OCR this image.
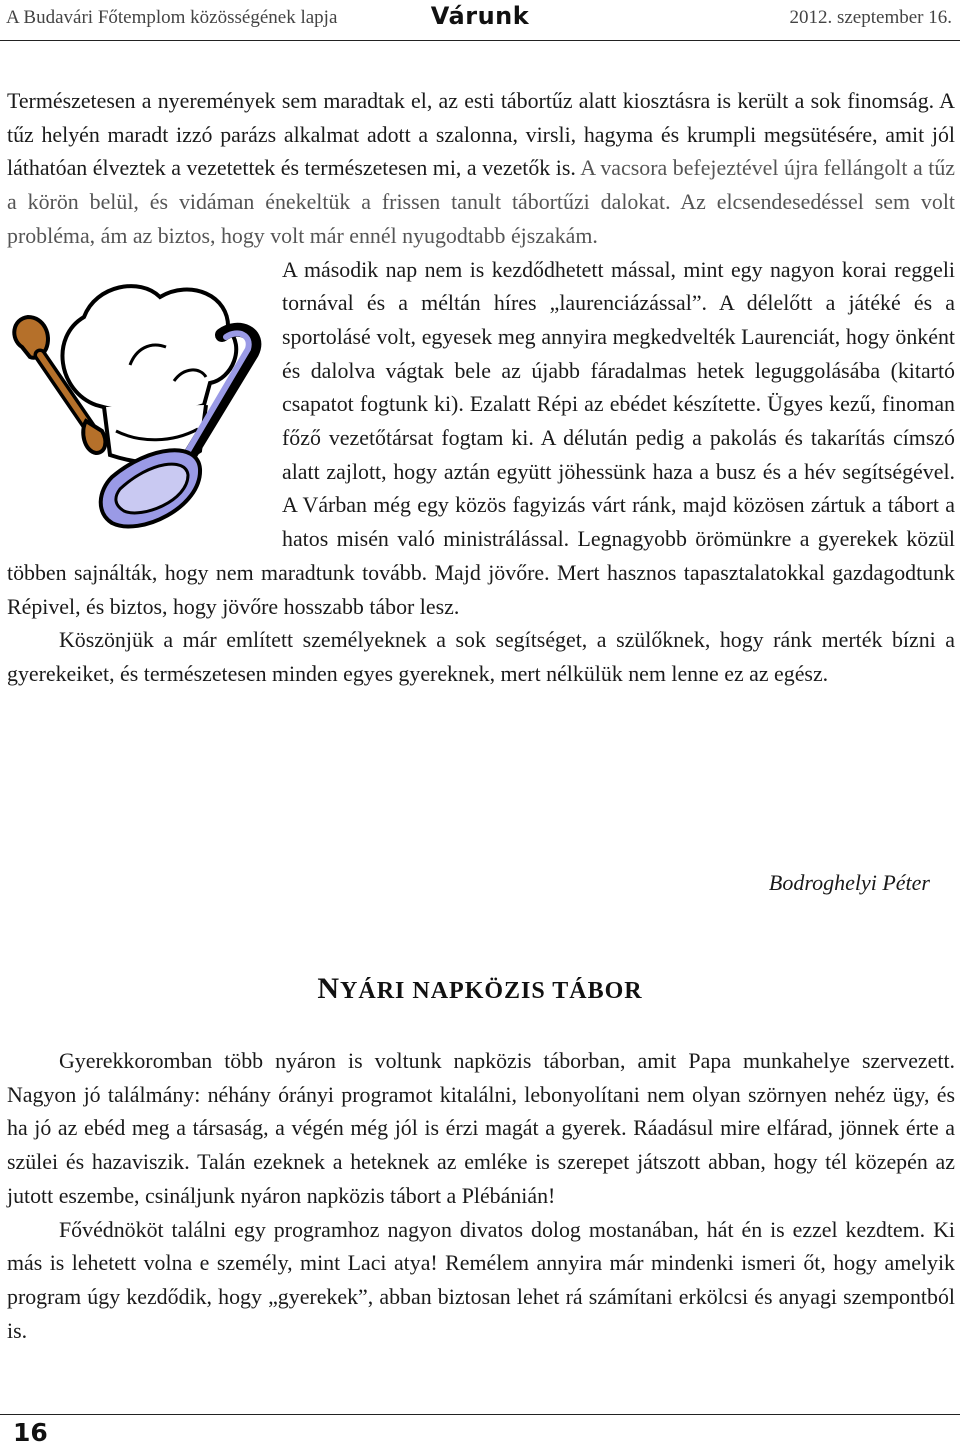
A Budavári Főtemplom közösségének lapja	Várunk	2012. szeptember 16.

Természetesen a nyeremények sem maradtak el, az esti tábortűz alatt kiosztásra is került a sok finomság. A tűz helyén maradt izzó parázs alkalmat adott a szalonna, virsli, hagyma és krumpli megsütésére, amit jól láthatóan élveztek a vezetettek és természetesen mi, a vezetők is. A vacsora befejeztével újra fellángolt a tűz a körön belül, és vidáman énekeltük a frissen tanult tábortűzi dalokat. Az elcsendesedéssel sem volt probléma, ám az biztos, hogy volt már ennél nyugodtabb éjszakám.

A második nap nem is kezdődhetett mással, mint egy nagyon korai reggeli tornával és a méltán híres „laurenciázással”. A délelőtt a játéké és a sportolásé volt, egyesek meg annyira megkedvelték Laurenciát, hogy önként és dalolva vágtak bele az újabb fáradalmas hetek leguggolásába (kitartó csapatot fogtunk ki). Ezalatt Répi az ebédet készítette. Ügyes kezű, finoman főző vezetőtársat fogtam ki. A délután pedig a pakolás és takarítás címszó alatt zajlott, hogy aztán együtt jöhessünk haza a busz és a hév segítségével. A Várban még egy közös fagyizás várt ránk, majd közösen zártuk a tábort a hatos misén való ministrálással. Legnagyobb örömünkre a gyerekek közül többen sajnálták, hogy nem maradtunk tovább. Majd jövőre. Mert hasznos tapasztalatokkal gazdagodtunk Répivel, és biztos, hogy jövőre hosszabb tábor lesz.

Köszönjük a már említett személyeknek a sok segítséget, a szülőknek, hogy ránk merték bízni a gyerekeiket, és természetesen minden egyes gyereknek, mert nélkülük nem lenne ez az egész.

Bodroghelyi Péter
NYÁRI NAPKÖZIS TÁBOR

Gyerekkoromban több nyáron is voltunk napközis táborban, amit Papa munkahelye szervezett. Nagyon jó találmány: néhány órányi programot kitalálni, lebonyolítani nem olyan szörnyen nehéz ügy, és ha jó az ebéd meg a társaság, a végén még jól is érzi magát a gyerek. Ráadásul mire elfárad, jönnek érte a szülei és hazaviszik. Talán ezeknek a heteknek az emléke is szerepet játszott abban, hogy tél közepén az jutott eszembe, csináljunk nyáron napközis tábort a Plébánián!

Fővédnököt találni egy programhoz nagyon divatos dolog mostanában, hát én is ezzel kezdtem. Ki más is lehetett volna e személy, mint Laci atya! Remélem annyira már mindenki ismeri őt, hogy amelyik program úgy kezdődik, hogy „gyerekek”, abban biztosan lehet rá számítani erkölcsi és anyagi szempontból is.

16
